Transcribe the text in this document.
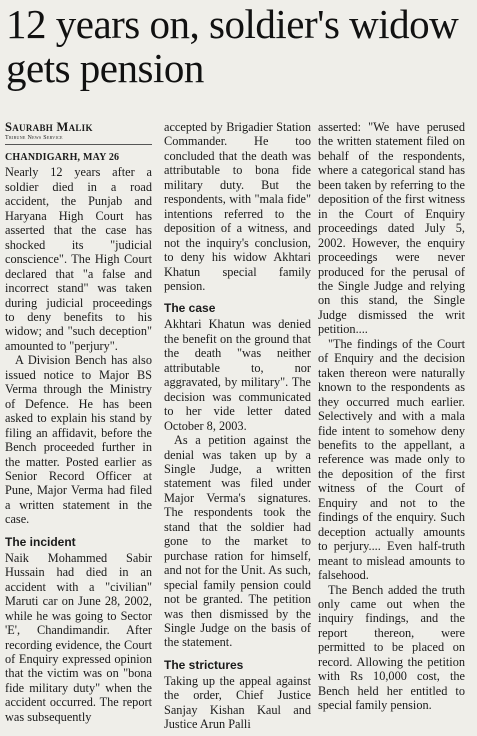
12 years on, soldier's widow gets pension
Saurabh Malik
Tribune News Service
CHANDIGARH, MAY 26

Nearly 12 years after a soldier died in a road accident, the Punjab and Haryana High Court has asserted that the case has shocked its "judicial conscience". The High Court declared that "a false and incorrect stand" was taken during judicial proceedings to deny benefits to his widow; and "such deception" amounted to "perjury".

A Division Bench has also issued notice to Major BS Verma through the Ministry of Defence. He has been asked to explain his stand by filing an affidavit, before the Bench proceeded further in the matter. Posted earlier as Senior Record Officer at Pune, Major Verma had filed a written statement in the case.

The incident

Naik Mohammed Sabir Hussain had died in an accident with a "civilian" Maruti car on June 28, 2002, while he was going to Sector 'E', Chandimandir. After recording evidence, the Court of Enquiry expressed opinion that the victim was on "bona fide military duty" when the accident occurred. The report was subsequently

accepted by Brigadier Station Commander. He too concluded that the death was attributable to bona fide military duty. But the respondents, with "mala fide" intentions referred to the deposition of a witness, and not the inquiry's conclusion, to deny his widow Akhtari Khatun special family pension.

The case

Akhtari Khatun was denied the benefit on the ground that the death "was neither attributable to, nor aggravated, by military". The decision was communicated to her vide letter dated October 8, 2003.

As a petition against the denial was taken up by a Single Judge, a written statement was filed under Major Verma's signatures. The respondents took the stand that the soldier had gone to the market to purchase ration for himself, and not for the Unit. As such, special family pension could not be granted. The petition was then dismissed by the Single Judge on the basis of the statement.

The strictures

Taking up the appeal against the order, Chief Justice Sanjay Kishan Kaul and Justice Arun Palli

asserted: "We have perused the written statement filed on behalf of the respondents, where a categorical stand has been taken by referring to the deposition of the first witness in the Court of Enquiry proceedings dated July 5, 2002. However, the enquiry proceedings were never produced for the perusal of the Single Judge and relying on this stand, the Single Judge dismissed the writ petition....

"The findings of the Court of Enquiry and the decision taken thereon were naturally known to the respondents as they occurred much earlier. Selectively and with a mala fide intent to somehow deny benefits to the appellant, a reference was made only to the deposition of the first witness of the Court of Enquiry and not to the findings of the enquiry. Such deception actually amounts to perjury.... Even half-truth meant to mislead amounts to falsehood.

The Bench added the truth only came out when the inquiry findings, and the report thereon, were permitted to be placed on record. Allowing the petition with Rs 10,000 cost, the Bench held her entitled to special family pension.
